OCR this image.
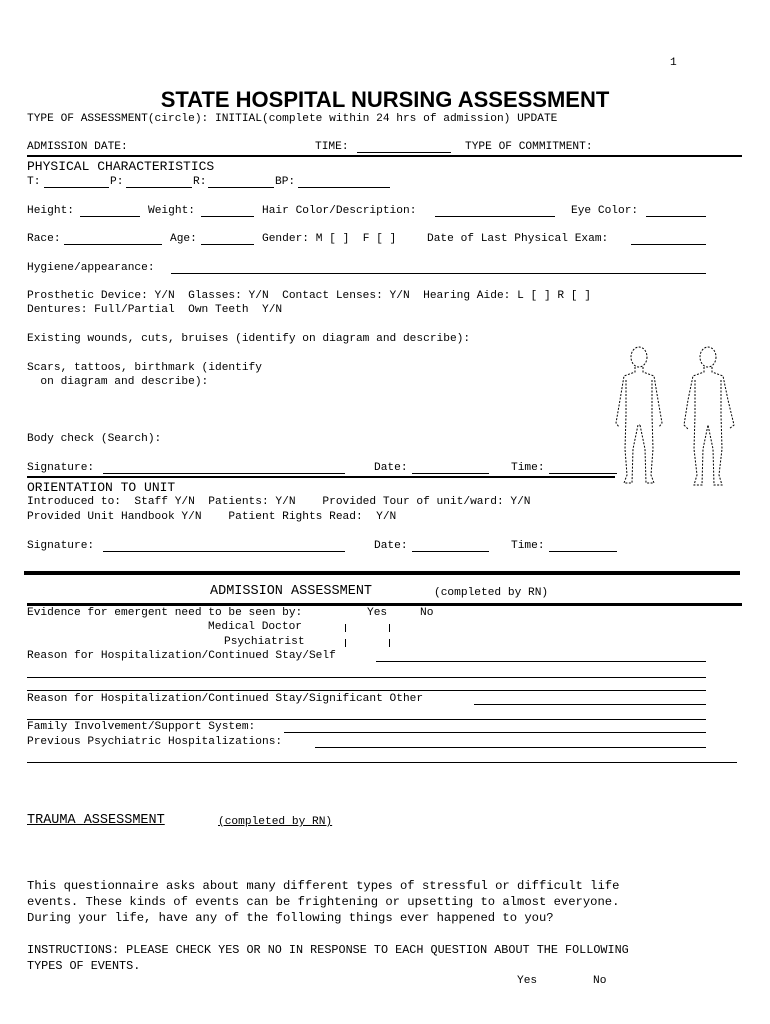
1
STATE HOSPITAL NURSING ASSESSMENT
TYPE OF ASSESSMENT(circle): INITIAL(complete within 24 hrs of admission) UPDATE
ADMISSION DATE:	TIME:	TYPE OF COMMITMENT:
PHYSICAL CHARACTERISTICS
T:	P:	R:	BP:
Height:	Weight:	Hair Color/Description:	Eye Color:
Race:	Age:	Gender: M [ ]  F [ ]	Date of Last Physical Exam:
Hygiene/appearance:
Prosthetic Device: Y/N  Glasses: Y/N  Contact Lenses: Y/N  Hearing Aide: L [ ] R [ ]
Dentures: Full/Partial  Own Teeth  Y/N
Existing wounds, cuts, bruises (identify on diagram and describe):
Scars, tattoos, birthmark (identify
on diagram and describe):
Body check (Search):
Signature:	Date:	Time:
ORIENTATION TO UNIT
Introduced to:  Staff Y/N  Patients: Y/N    Provided Tour of unit/ward: Y/N
Provided Unit Handbook Y/N    Patient Rights Read:  Y/N
Signature:	Date:	Time:
ADMISSION ASSESSMENT	(completed by RN)
Evidence for emergent need to be seen by:	Yes	No
Medical Doctor
Psychiatrist
Reason for Hospitalization/Continued Stay/Self
Reason for Hospitalization/Continued Stay/Significant Other
Family Involvement/Support System:
Previous Psychiatric Hospitalizations:
TRAUMA ASSESSMENT	(completed by RN)
This questionnaire asks about many different types of stressful or difficult life
events. These kinds of events can be frightening or upsetting to almost everyone.
During your life, have any of the following things ever happened to you?
INSTRUCTIONS: PLEASE CHECK YES OR NO IN RESPONSE TO EACH QUESTION ABOUT THE FOLLOWING
TYPES OF EVENTS.
Yes	No
